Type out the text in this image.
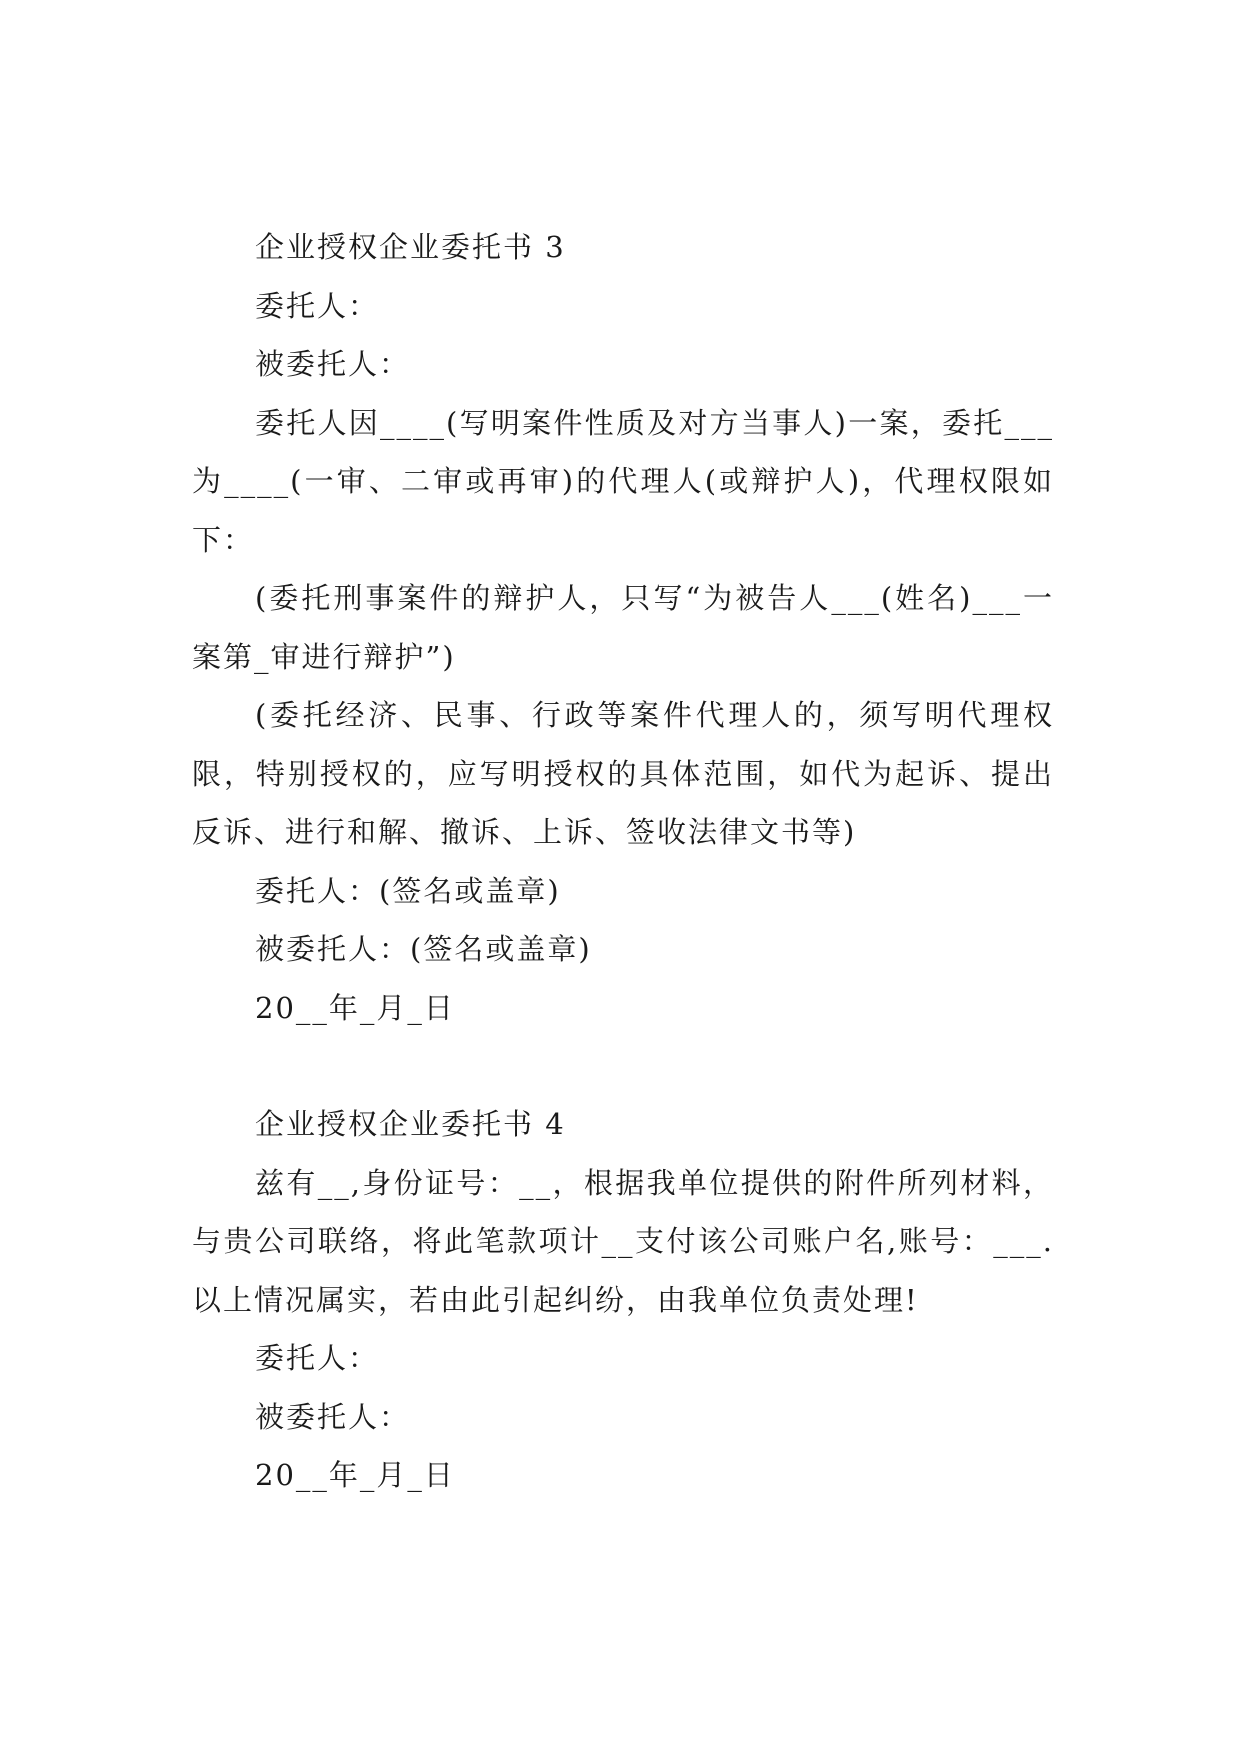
企业授权企业委托书 3

委托人：

被委托人：

委托人因____(写明案件性质及对方当事人)一案，委托___为____(一审、二审或再审)的代理人(或辩护人)，代理权限如下：

(委托刑事案件的辩护人，只写“为被告人___(姓名)___一案第_审进行辩护”)

(委托经济、民事、行政等案件代理人的，须写明代理权限，特别授权的，应写明授权的具体范围，如代为起诉、提出反诉、进行和解、撤诉、上诉、签收法律文书等)

委托人：(签名或盖章)

被委托人：(签名或盖章)

20__年_月_日

企业授权企业委托书 4

兹有__,身份证号：__，根据我单位提供的附件所列材料，与贵公司联络，将此笔款项计__支付该公司账户名,账号：___.以上情况属实，若由此引起纠纷，由我单位负责处理!

委托人：

被委托人：

20__年_月_日
